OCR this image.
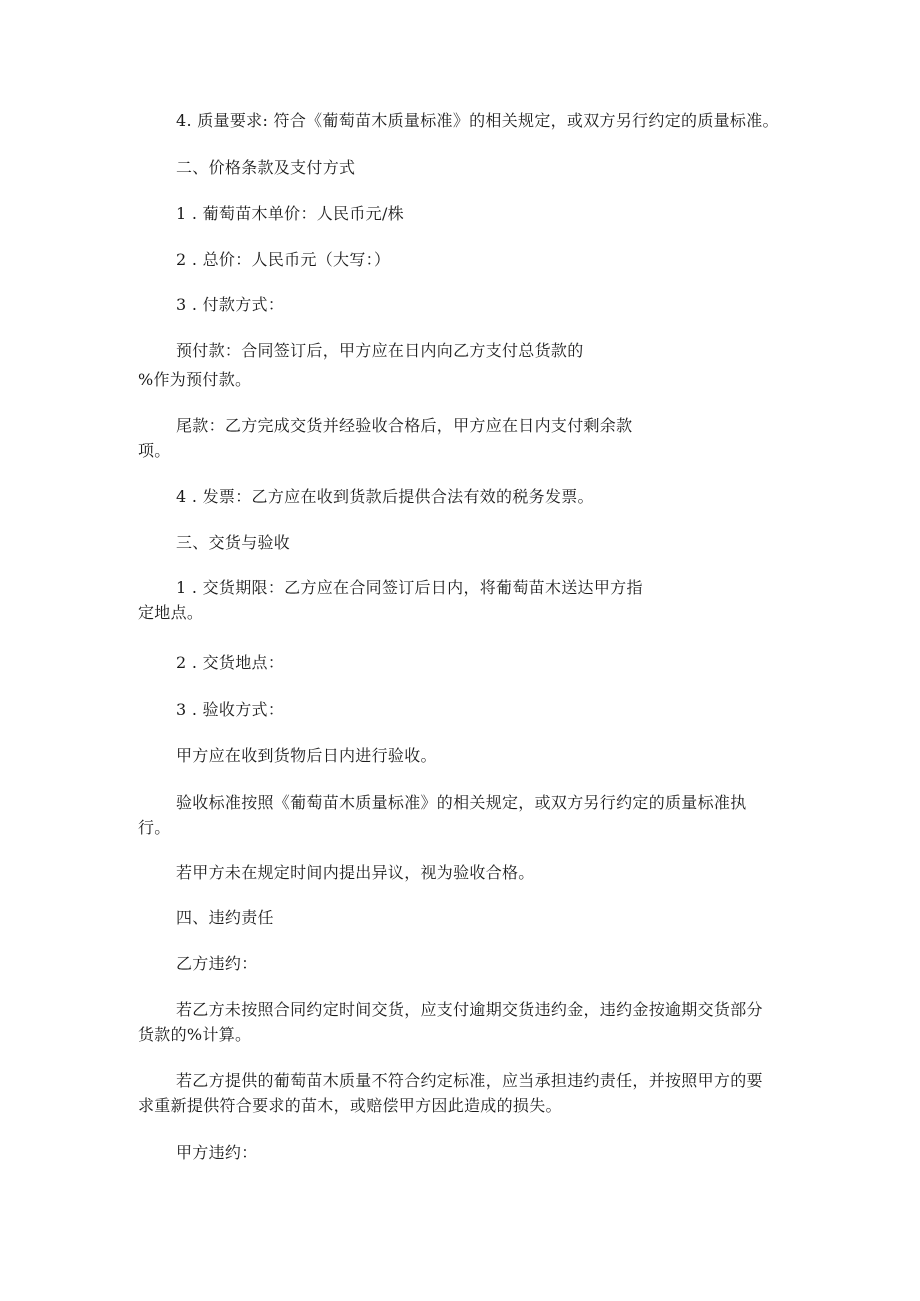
4. 质量要求: 符合《葡萄苗木质量标准》的相关规定，或双方另行约定的质量标准。
二、价格条款及支付方式
1 . 葡萄苗木单价：人民币元/株
2 . 总价：人民币元（大写：）
3 . 付款方式：
预付款：合同签订后，甲方应在日内向乙方支付总货款的
%作为预付款。
尾款：乙方完成交货并经验收合格后，甲方应在日内支付剩余款
项。
4 . 发票：乙方应在收到货款后提供合法有效的税务发票。
三、交货与验收
1 . 交货期限：乙方应在合同签订后日内，将葡萄苗木送达甲方指
定地点。
2 . 交货地点：
3 . 验收方式：
甲方应在收到货物后日内进行验收。
验收标准按照《葡萄苗木质量标准》的相关规定，或双方另行约定的质量标准执
行。
若甲方未在规定时间内提出异议，视为验收合格。
四、违约责任
乙方违约：
若乙方未按照合同约定时间交货，应支付逾期交货违约金，违约金按逾期交货部分
货款的%计算。
若乙方提供的葡萄苗木质量不符合约定标准，应当承担违约责任，并按照甲方的要
求重新提供符合要求的苗木，或赔偿甲方因此造成的损失。
甲方违约：
